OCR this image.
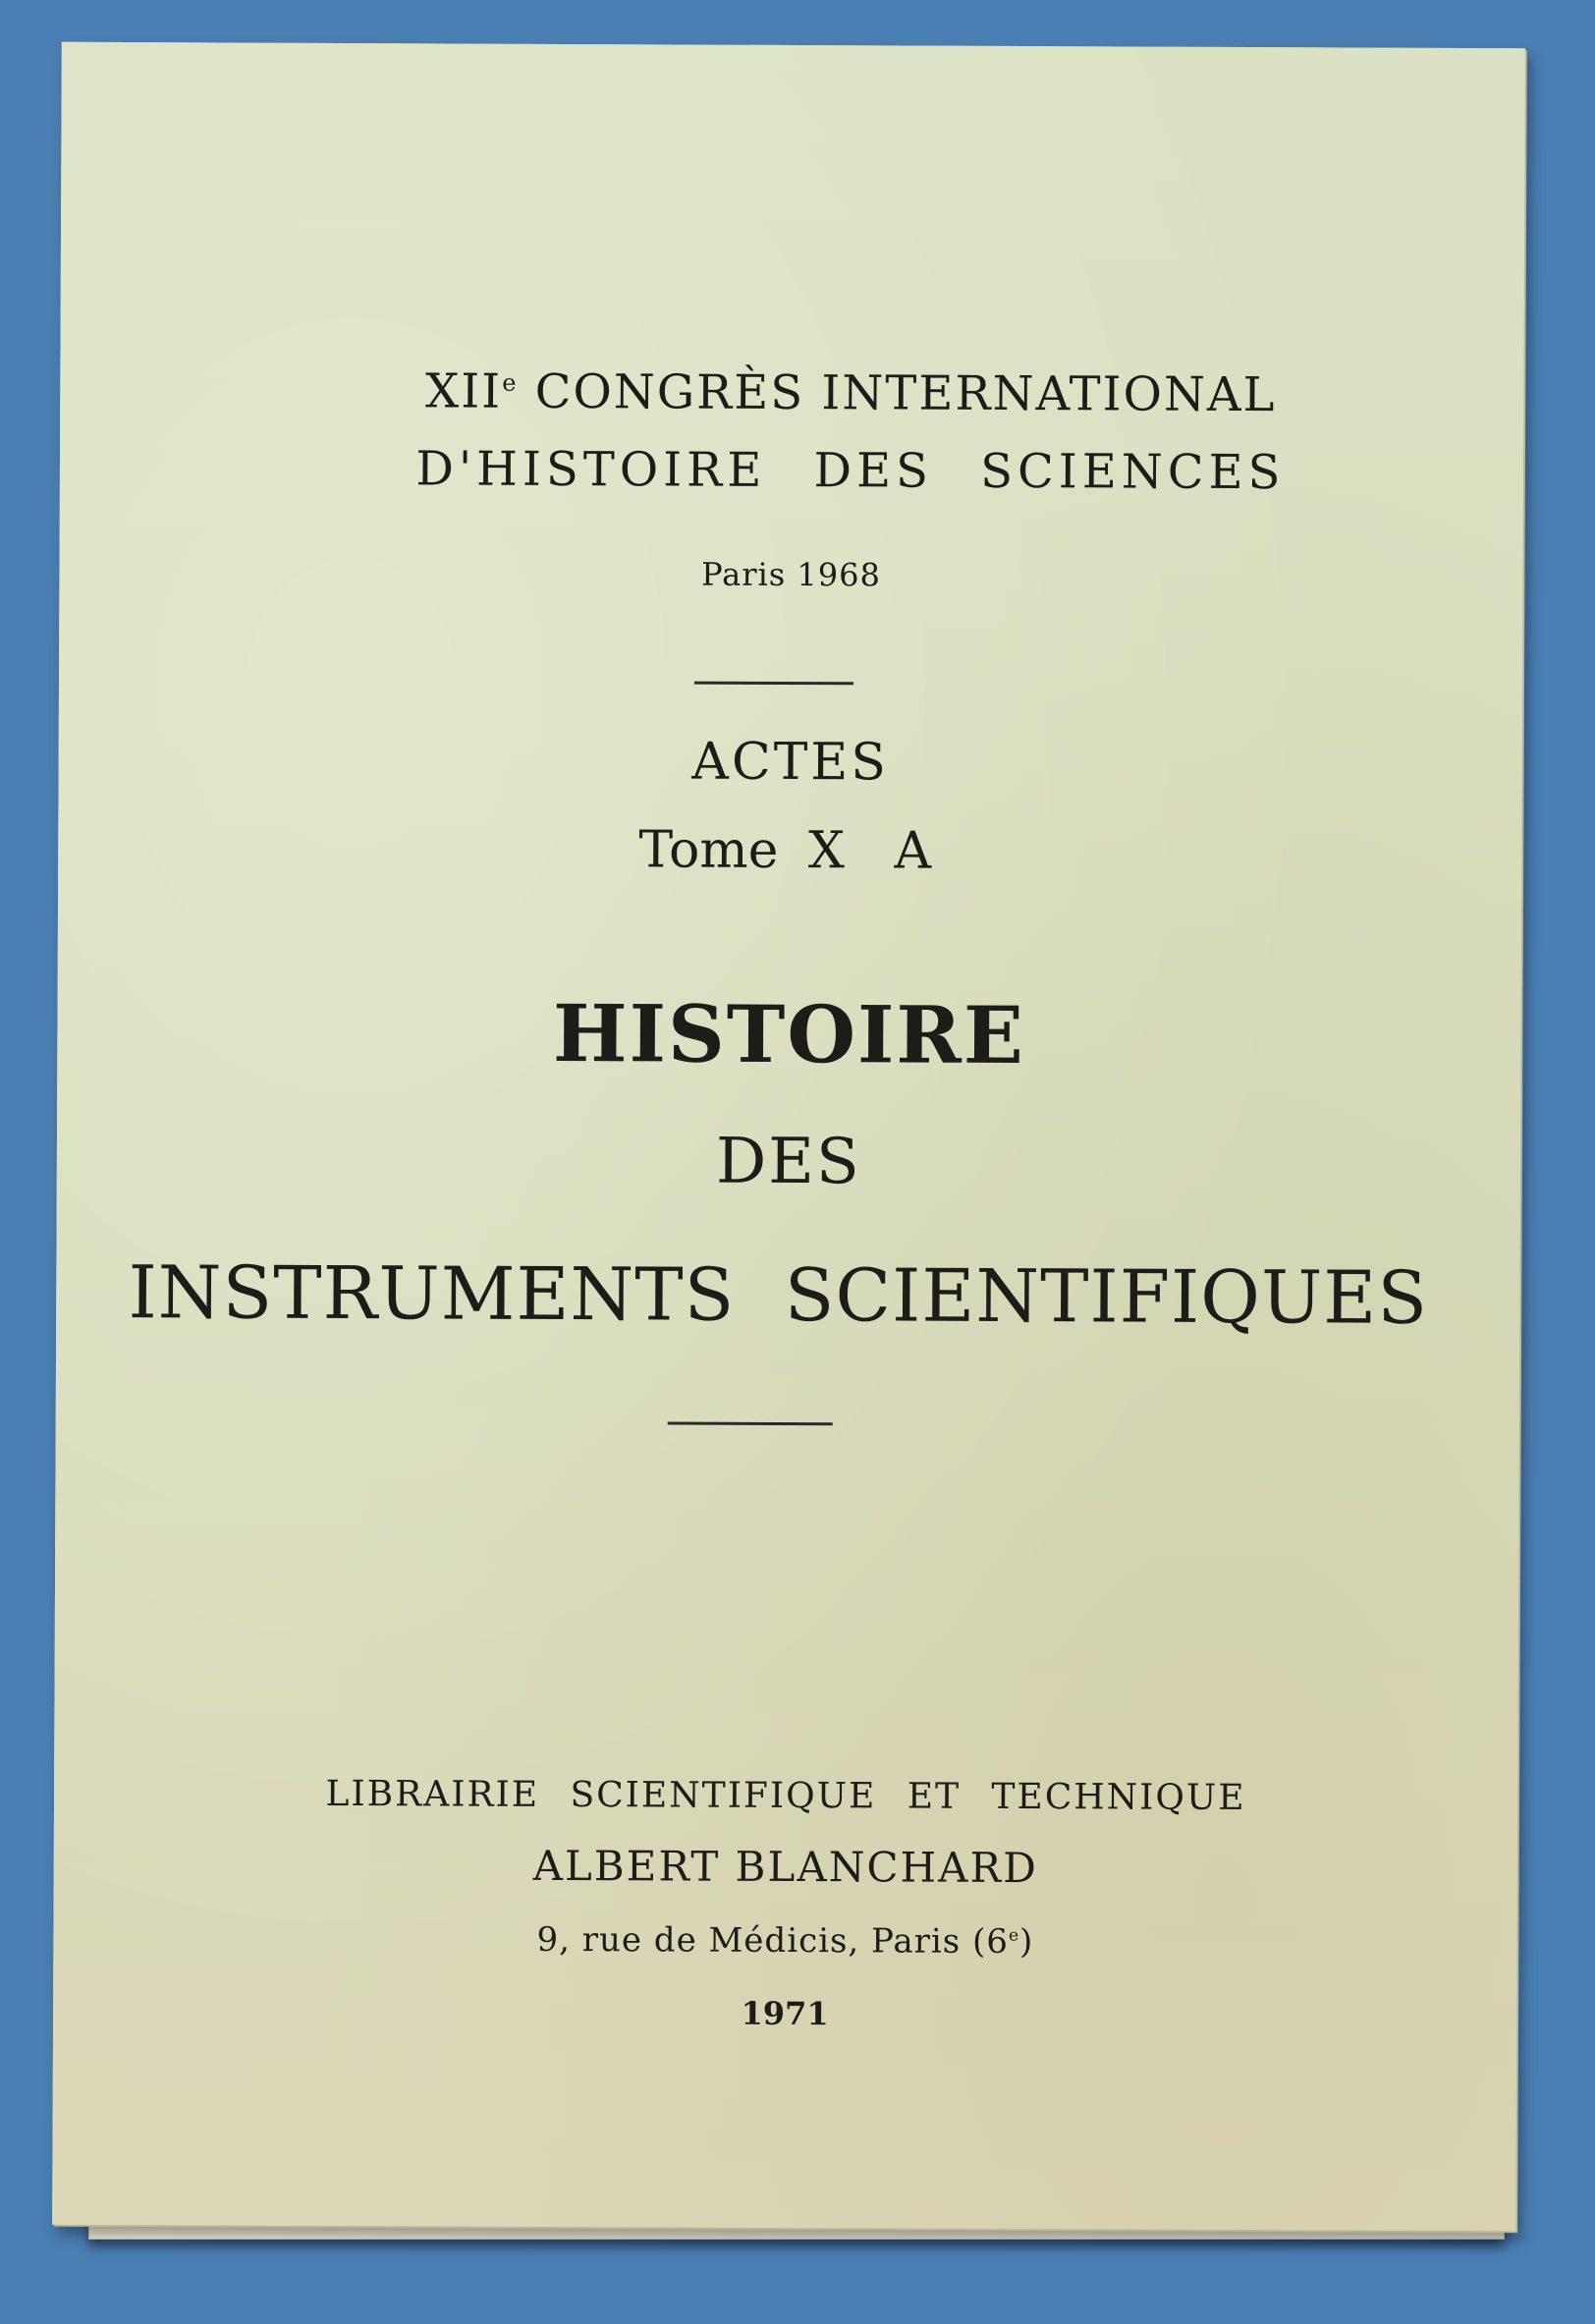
XIIe CONGRÈS INTERNATIONAL
D'HISTOIRE DES SCIENCES
Paris 1968
ACTES
Tome X A
HISTOIRE
DES
INSTRUMENTS SCIENTIFIQUES
LIBRAIRIE SCIENTIFIQUE ET TECHNIQUE
ALBERT BLANCHARD
9, rue de Médicis, Paris (6e)
1971
